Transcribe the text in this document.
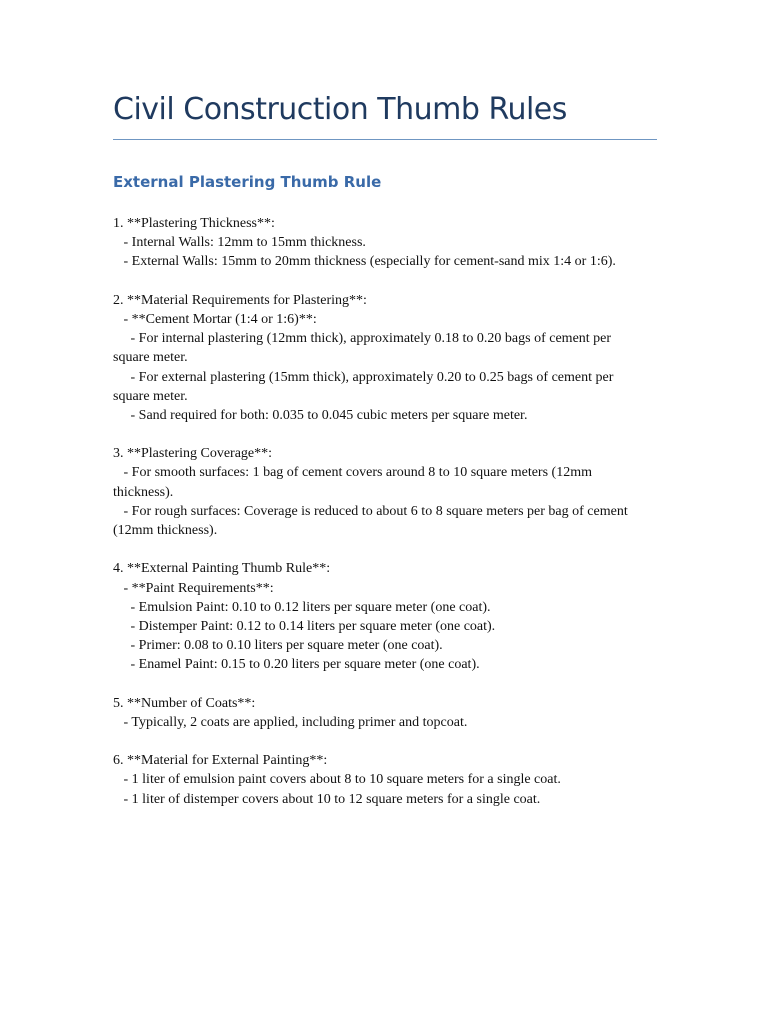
Civil Construction Thumb Rules
External Plastering Thumb Rule
1. **Plastering Thickness**:
- Internal Walls: 12mm to 15mm thickness.
- External Walls: 15mm to 20mm thickness (especially for cement-sand mix 1:4 or 1:6).
2. **Material Requirements for Plastering**:
- **Cement Mortar (1:4 or 1:6)**:
- For internal plastering (12mm thick), approximately 0.18 to 0.20 bags of cement per
square meter.
- For external plastering (15mm thick), approximately 0.20 to 0.25 bags of cement per
square meter.
- Sand required for both: 0.035 to 0.045 cubic meters per square meter.
3. **Plastering Coverage**:
- For smooth surfaces: 1 bag of cement covers around 8 to 10 square meters (12mm
thickness).
- For rough surfaces: Coverage is reduced to about 6 to 8 square meters per bag of cement
(12mm thickness).
4. **External Painting Thumb Rule**:
- **Paint Requirements**:
- Emulsion Paint: 0.10 to 0.12 liters per square meter (one coat).
- Distemper Paint: 0.12 to 0.14 liters per square meter (one coat).
- Primer: 0.08 to 0.10 liters per square meter (one coat).
- Enamel Paint: 0.15 to 0.20 liters per square meter (one coat).
5. **Number of Coats**:
- Typically, 2 coats are applied, including primer and topcoat.
6. **Material for External Painting**:
- 1 liter of emulsion paint covers about 8 to 10 square meters for a single coat.
- 1 liter of distemper covers about 10 to 12 square meters for a single coat.
